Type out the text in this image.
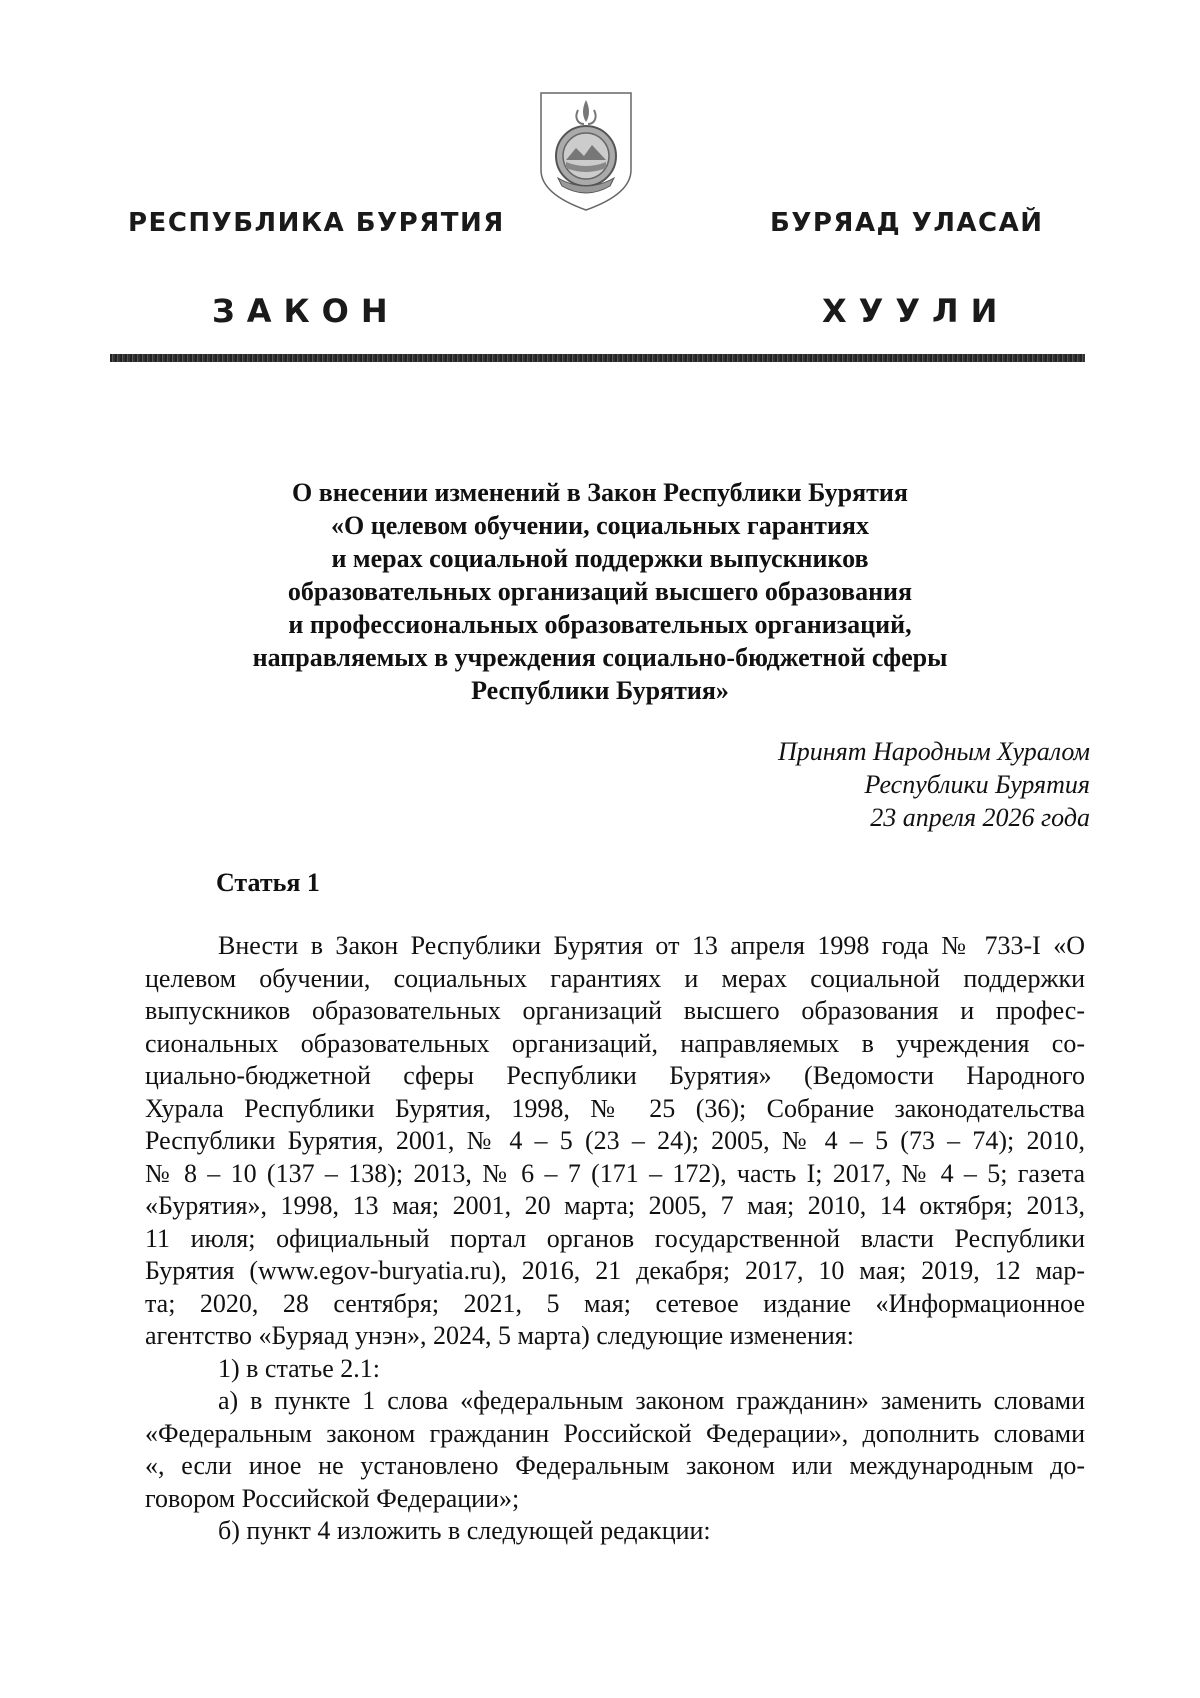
РЕСПУБЛИКА БУРЯТИЯ	БУРЯАД УЛАСАЙ
ЗАКОН	ХУУЛИ
О внесении изменений в Закон Республики Бурятия
«О целевом обучении, социальных гарантиях
и мерах социальной поддержки выпускников
образовательных организаций высшего образования
и профессиональных образовательных организаций,
направляемых в учреждения социально-бюджетной сферы
Республики Бурятия»
Принят Народным Хуралом
Республики Бурятия
23 апреля 2026 года
Статья 1
Внести в Закон Республики Бурятия от 13 апреля 1998 года № 733-I «О
целевом обучении, социальных гарантиях и мерах социальной поддержки
выпускников образовательных организаций высшего образования и профес-
сиональных образовательных организаций, направляемых в учреждения со-
циально-бюджетной сферы Республики Бурятия» (Ведомости Народного
Хурала Республики Бурятия, 1998, № 25 (36); Собрание законодательства
Республики Бурятия, 2001, № 4 – 5 (23 – 24); 2005, № 4 – 5 (73 – 74); 2010,
№ 8 – 10 (137 – 138); 2013, № 6 – 7 (171 – 172), часть I; 2017, № 4 – 5; газета
«Бурятия», 1998, 13 мая; 2001, 20 марта; 2005, 7 мая; 2010, 14 октября; 2013,
11 июля; официальный портал органов государственной власти Республики
Бурятия (www.egov-buryatia.ru), 2016, 21 декабря; 2017, 10 мая; 2019, 12 мар-
та; 2020, 28 сентября; 2021, 5 мая; сетевое издание «Информационное
агентство «Буряад унэн», 2024, 5 марта) следующие изменения:
1) в статье 2.1:
а) в пункте 1 слова «федеральным законом гражданин» заменить словами
«Федеральным законом гражданин Российской Федерации», дополнить словами
«, если иное не установлено Федеральным законом или международным до-
говором Российской Федерации»;
б) пункт 4 изложить в следующей редакции:
